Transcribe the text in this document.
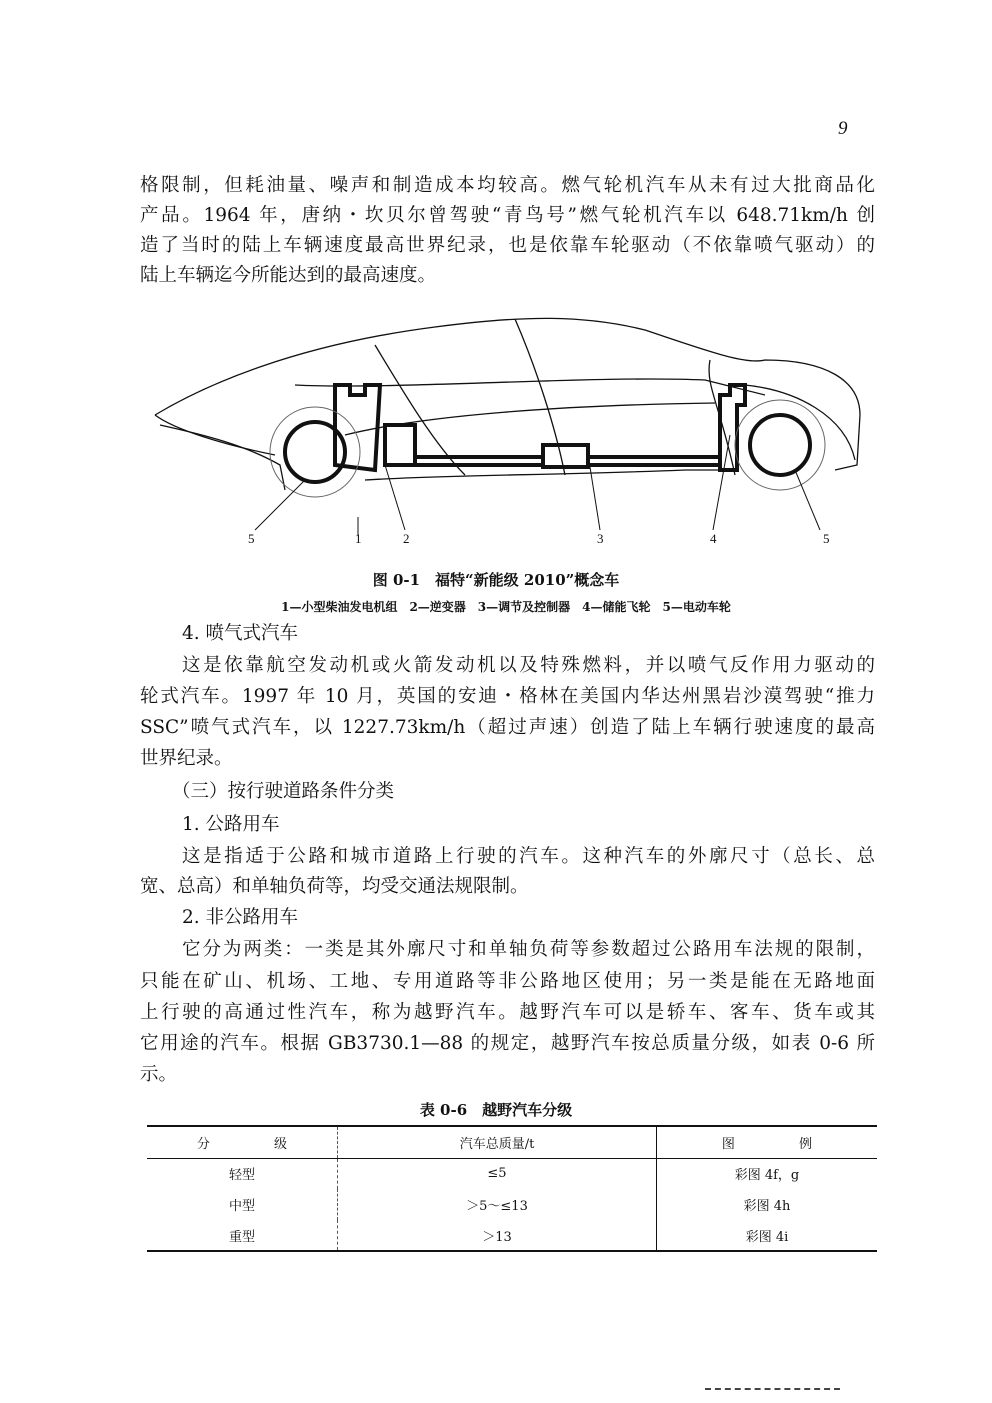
9
格限制，但耗油量、噪声和制造成本均较高。燃气轮机汽车从未有过大批商品化
产品。1964 年，唐纳・坎贝尔曾驾驶“青鸟号”燃气轮机汽车以 648.71km/h 创
造了当时的陆上车辆速度最高世界纪录，也是依靠车轮驱动（不依靠喷气驱动）的
陆上车辆迄今所能达到的最高速度。
5	1	2	3	4	5
图 0-1　福特“新能级 2010”概念车
1—小型柴油发电机组　2—逆变器　3—调节及控制器　4—储能飞轮　5—电动车轮
4. 喷气式汽车
这是依靠航空发动机或火箭发动机以及特殊燃料，并以喷气反作用力驱动的
轮式汽车。1997 年 10 月，英国的安迪・格林在美国内华达州黑岩沙漠驾驶“推力
SSC”喷气式汽车，以 1227.73km/h（超过声速）创造了陆上车辆行驶速度的最高
世界纪录。
（三）按行驶道路条件分类
1. 公路用车
这是指适于公路和城市道路上行驶的汽车。这种汽车的外廓尺寸（总长、总
宽、总高）和单轴负荷等，均受交通法规限制。
2. 非公路用车
它分为两类：一类是其外廓尺寸和单轴负荷等参数超过公路用车法规的限制，
只能在矿山、机场、工地、专用道路等非公路地区使用；另一类是能在无路地面
上行驶的高通过性汽车，称为越野汽车。越野汽车可以是轿车、客车、货车或其
它用途的汽车。根据 GB3730.1—88 的规定，越野汽车按总质量分级，如表 0-6 所
示。
表 0-6　越野汽车分级
分 级	汽车总质量/t	图 例
轻型	≤5	彩图 4f，g
中型	＞5～≤13	彩图 4h
重型	＞13	彩图 4i
